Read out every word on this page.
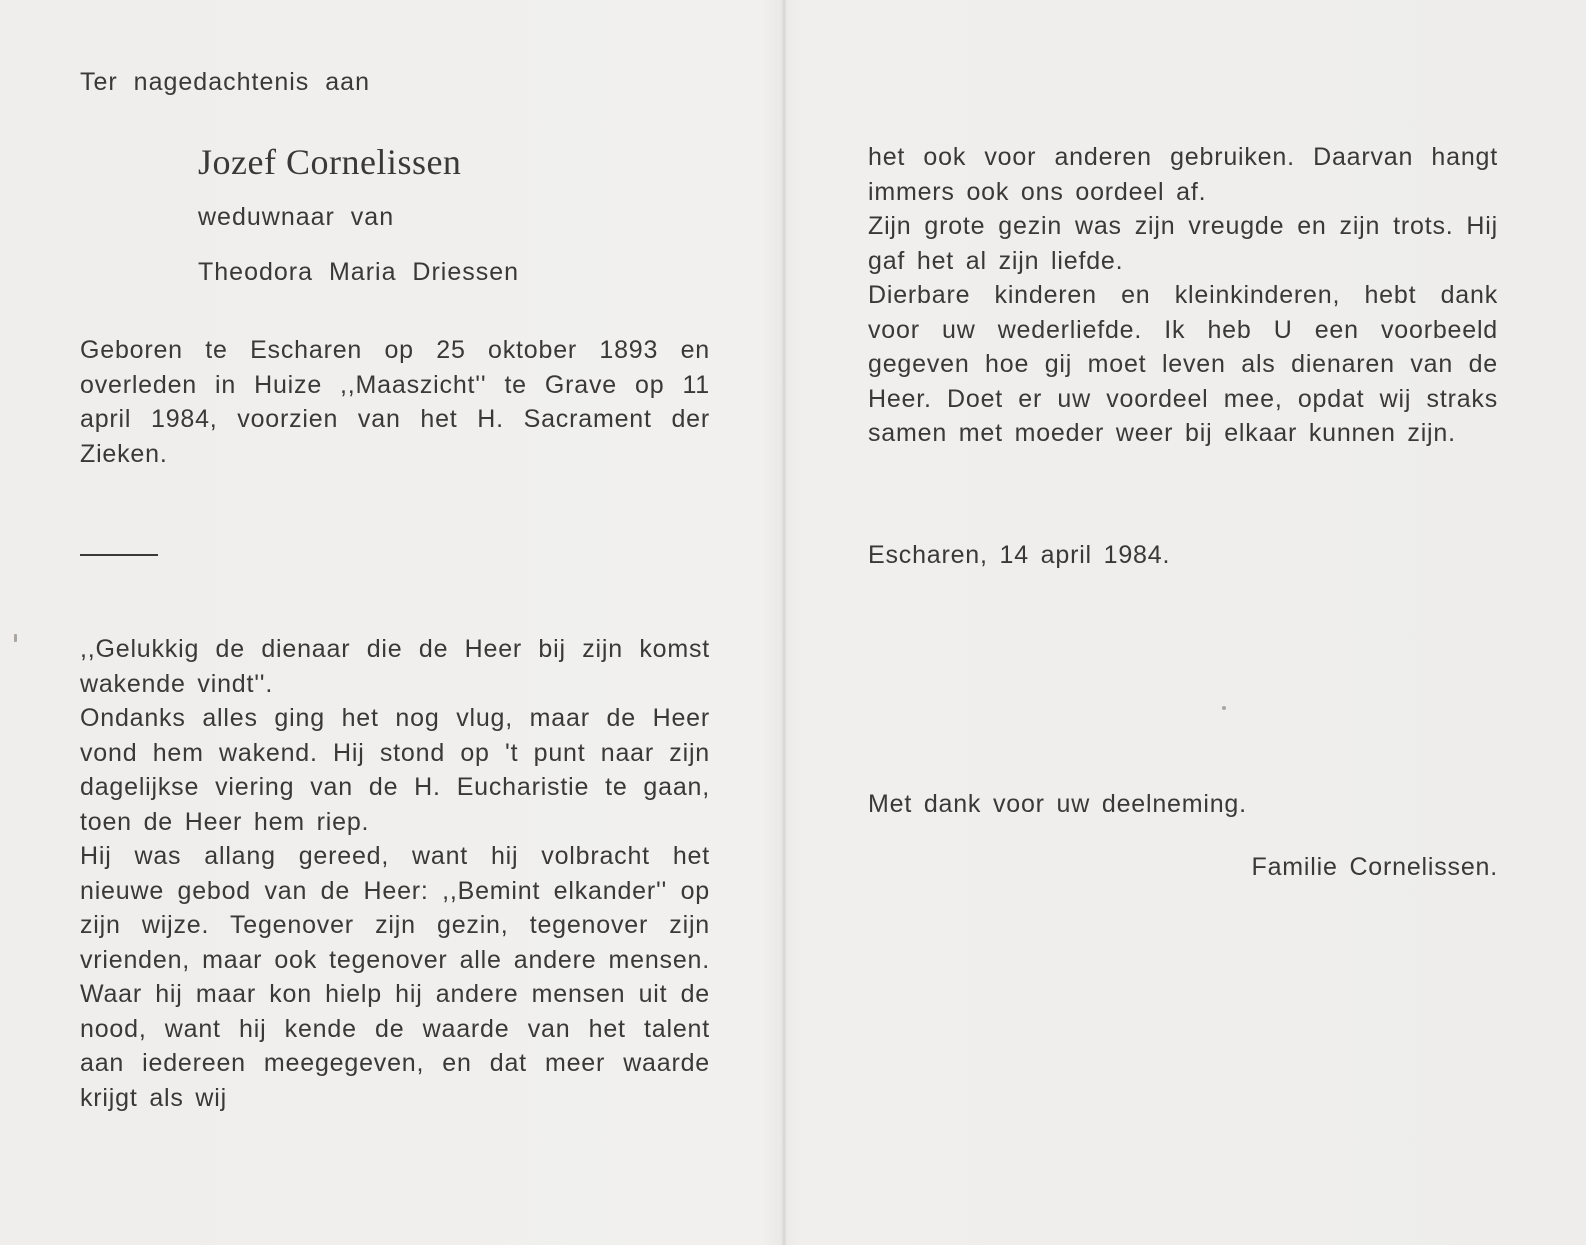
Ter nagedachtenis aan
Jozef Cornelissen
weduwnaar van
Theodora Maria Driessen

Geboren te Escharen op 25 oktober 1893 en overleden in Huize ,,Maaszicht'' te Grave op 11 april 1984, voorzien van het H. Sacrament der Zieken.

,,Gelukkig de dienaar die de Heer bij zijn komst wakende vindt''.

Ondanks alles ging het nog vlug, maar de Heer vond hem wakend. Hij stond op 't punt naar zijn dagelijkse viering van de H. Eucharistie te gaan, toen de Heer hem riep.

Hij was allang gereed, want hij volbracht het nieuwe gebod van de Heer: ,,Bemint elkander'' op zijn wijze. Tegenover zijn gezin, tegenover zijn vrienden, maar ook tegenover alle andere mensen. Waar hij maar kon hielp hij andere mensen uit de nood, want hij kende de waarde van het talent aan iedereen meegegeven, en dat meer waarde krijgt als wij

het ook voor anderen gebruiken. Daarvan hangt immers ook ons oordeel af.

Zijn grote gezin was zijn vreugde en zijn trots. Hij gaf het al zijn liefde.

Dierbare kinderen en kleinkinderen, hebt dank voor uw wederliefde. Ik heb U een voorbeeld gegeven hoe gij moet leven als dienaren van de Heer. Doet er uw voordeel mee, opdat wij straks samen met moeder weer bij elkaar kunnen zijn.

Escharen, 14 april 1984.
Met dank voor uw deelneming.
Familie Cornelissen.
